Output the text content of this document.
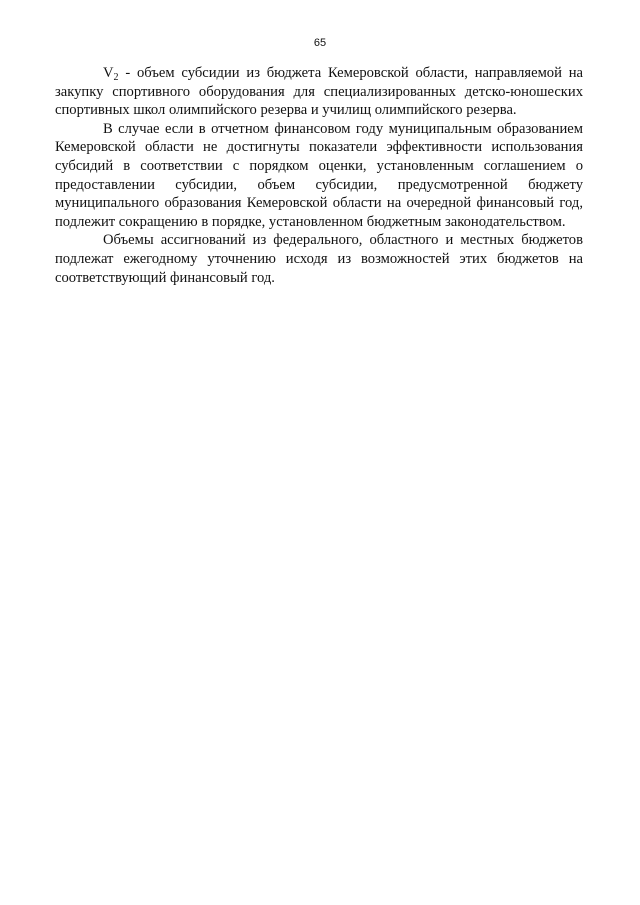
65
$V_2$ - объем субсидии из бюджета Кемеровской области, направляемой на
закупку спортивного оборудования для специализированных детско-юношеских
спортивных школ олимпийского резерва и училищ олимпийского резерва.
В случае если в отчетном финансовом году муниципальным образованием
Кемеровской области не достигнуты показатели эффективности использования
субсидий в соответствии с порядком оценки, установленным соглашением о
предоставлении субсидии, объем субсидии, предусмотренной бюджету
муниципального образования Кемеровской области на очередной финансовый год,
подлежит сокращению в порядке, установленном бюджетным законодательством.
Объемы ассигнований из федерального, областного и местных бюджетов
подлежат ежегодному уточнению исходя из возможностей этих бюджетов на
соответствующий финансовый год.
